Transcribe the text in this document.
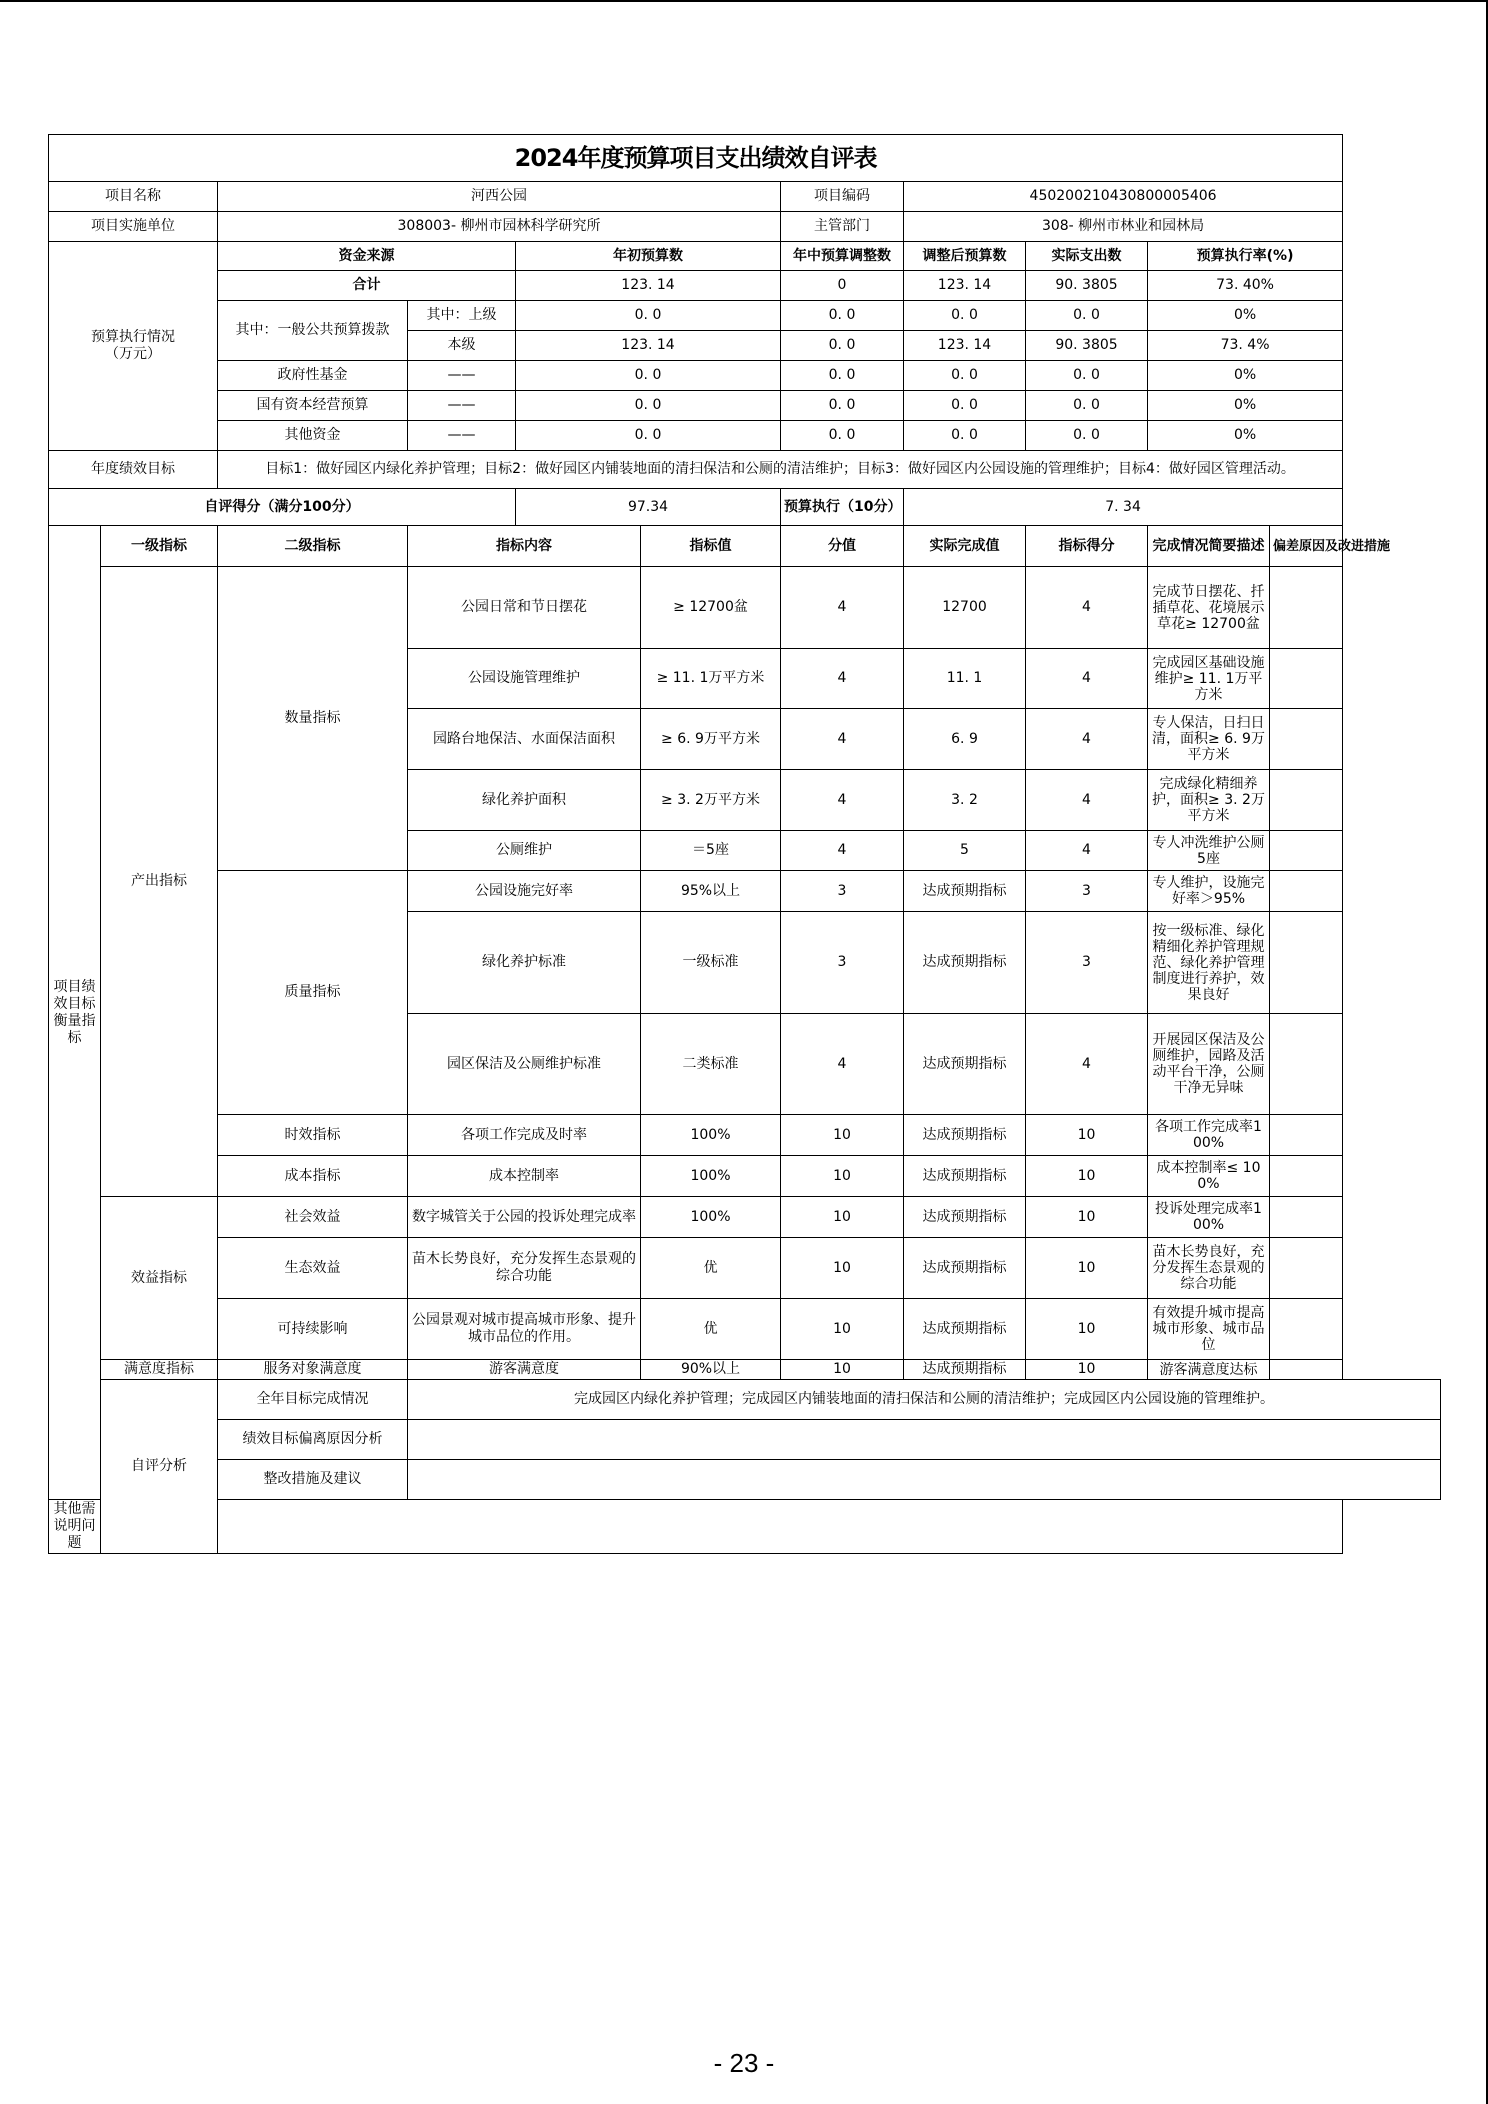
2024年度预算项目支出绩效自评表										
项目名称		河西公园				项目编码	450200210430800005406			
项目实施单位		308003- 柳州市园林科学研究所				主管部门	308- 柳州市林业和园林局			
预算执行情况
（万元）		资金来源		年初预算数		年中预算调整数	调整后预算数	实际支出数	预算执行率(%)	
		合计		123. 14		0	123. 14	90. 3805	73. 40%	
		其中：一般公共预算拨款	其中：上级	0. 0		0. 0	0. 0	0. 0	0%	
			本级	123. 14		0. 0	123. 14	90. 3805	73. 4%	
		政府性基金	——	0. 0		0. 0	0. 0	0. 0	0%	
		国有资本经营预算	——	0. 0		0. 0	0. 0	0. 0	0%	
		其他资金	——	0. 0		0. 0	0. 0	0. 0	0%	
年度绩效目标		目标1：做好园区内绿化养护管理；目标2：做好园区内铺装地面的清扫保洁和公厕的清洁维护；目标3：做好园区内公园设施的管理维护；目标4：做好园区管理活动。								
自评得分（满分100分）				97.34		预算执行（10分）	7. 34			
项目绩效目标衡量指标	一级指标	二级指标	指标内容		指标值	分值	实际完成值	指标得分	完成情况简要描述	偏差原因及改进措施
	产出指标	数量指标	公园日常和节日摆花		≥ 12700盆	4	12700	4	完成节日摆花、扦插草花、花境展示草花≥ 12700盆	
			公园设施管理维护		≥ 11. 1万平方米	4	11. 1	4	完成园区基础设施维护≥ 11. 1万平方米	
			园路台地保洁、水面保洁面积		≥ 6. 9万平方米	4	6. 9	4	专人保洁，日扫日清，面积≥ 6. 9万平方米	
			绿化养护面积		≥ 3. 2万平方米	4	3. 2	4	完成绿化精细养护，面积≥ 3. 2万平方米	
			公厕维护		＝5座	4	5	4	专人冲洗维护公厕5座	
		质量指标	公园设施完好率		95%以上	3	达成预期指标	3	专人维护，设施完好率＞95%	
			绿化养护标准		一级标准	3	达成预期指标	3	按一级标准、绿化精细化养护管理规范、绿化养护管理制度进行养护，效果良好	
			园区保洁及公厕维护标准		二类标准	4	达成预期指标	4	开展园区保洁及公厕维护，园路及活动平台干净，公厕干净无异味	
		时效指标	各项工作完成及时率		100%	10	达成预期指标	10	各项工作完成率100%	
		成本指标	成本控制率		100%	10	达成预期指标	10	成本控制率≤ 100%	
	效益指标	社会效益	数字城管关于公园的投诉处理完成率		100%	10	达成预期指标	10	投诉处理完成率100%	
		生态效益	苗木长势良好，充分发挥生态景观的综合功能		优	10	达成预期指标	10	苗木长势良好，充分发挥生态景观的综合功能	
		可持续影响	公园景观对城市提高城市形象、提升城市品位的作用。		优	10	达成预期指标	10	有效提升城市提高城市形象、城市品位	
	满意度指标	服务对象满意度	游客满意度		90%以上	10	达成预期指标	10	游客满意度达标	
	自评分析	全年目标完成情况	完成园区内绿化养护管理；完成园区内铺装地面的清扫保洁和公厕的清洁维护；完成园区内公园设施的管理维护。							
		绩效目标偏离原因分析								
		整改措施及建议								
其他需说明问题										
- 23 -
